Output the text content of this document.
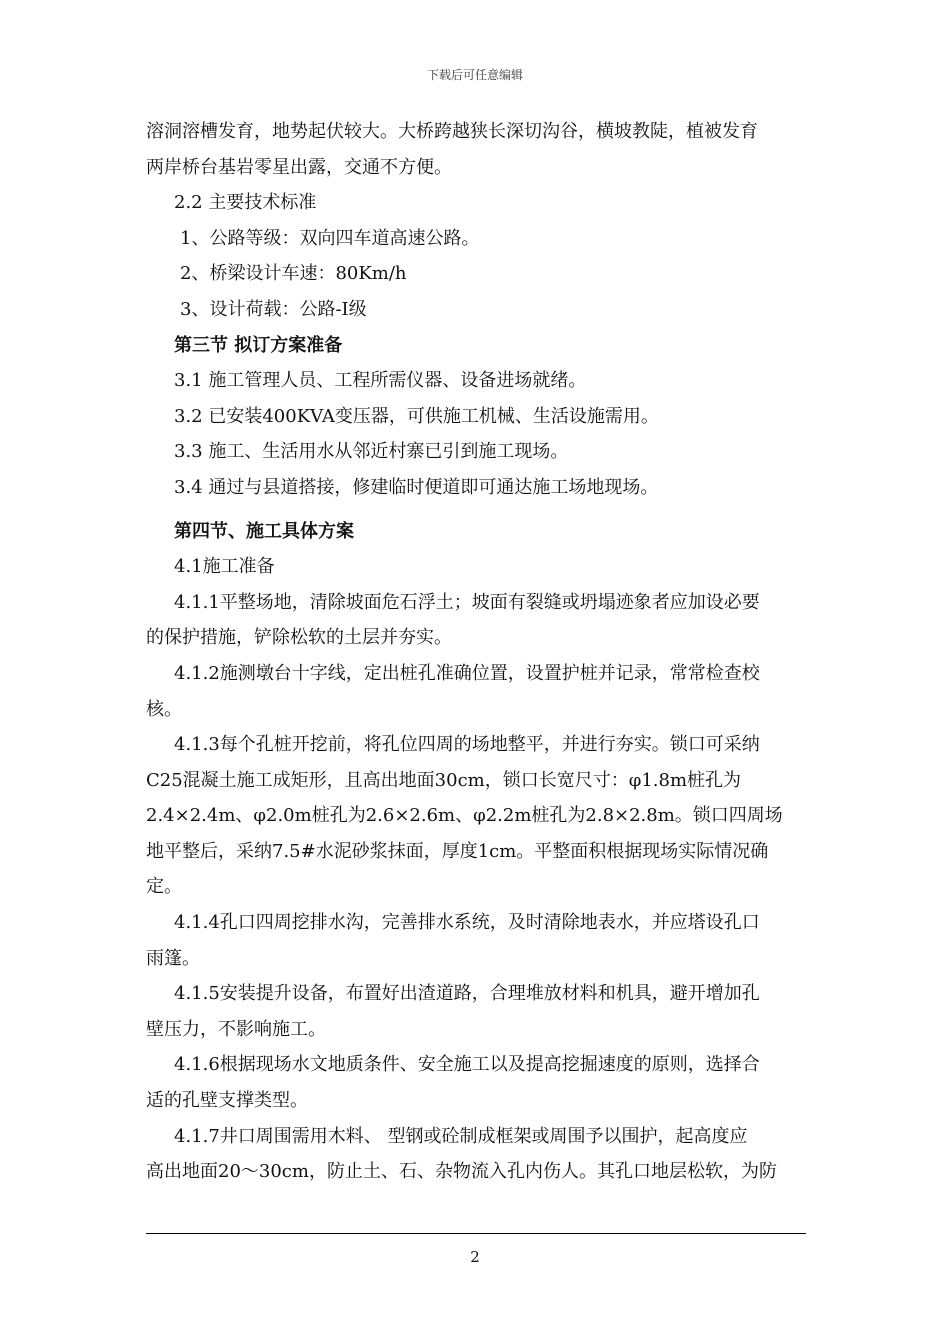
下载后可任意编辑
溶洞溶槽发育，地势起伏较大。大桥跨越狭长深切沟谷，横坡教陡，植被发育
两岸桥台基岩零星出露，交通不方便。
2.2 主要技术标准
1、公路等级：双向四车道高速公路。
2、桥梁设计车速：80Km/h
3、设计荷载：公路-I级
第三节 拟订方案准备
3.1 施工管理人员、工程所需仪器、设备进场就绪。
3.2 已安装400KVA变压器，可供施工机械、生活设施需用。
3.3 施工、生活用水从邻近村寨已引到施工现场。
3.4 通过与县道搭接，修建临时便道即可通达施工场地现场。
第四节、施工具体方案
4.1施工准备
4.1.1平整场地，清除坡面危石浮土；坡面有裂缝或坍塌迹象者应加设必要
的保护措施，铲除松软的土层并夯实。
4.1.2施测墩台十字线，定出桩孔准确位置，设置护桩并记录，常常检查校
核。
4.1.3每个孔桩开挖前，将孔位四周的场地整平，并进行夯实。锁口可采纳
C25混凝土施工成矩形，且高出地面30cm，锁口长宽尺寸：φ1.8m桩孔为
2.4×2.4m、φ2.0m桩孔为2.6×2.6m、φ2.2m桩孔为2.8×2.8m。锁口四周场
地平整后，采纳7.5#水泥砂浆抹面，厚度1cm。平整面积根据现场实际情况确
定。
4.1.4孔口四周挖排水沟，完善排水系统，及时清除地表水，并应塔设孔口
雨篷。
4.1.5安装提升设备，布置好出渣道路，合理堆放材料和机具，避开增加孔
壁压力，不影响施工。
4.1.6根据现场水文地质条件、安全施工以及提高挖掘速度的原则，选择合
适的孔壁支撑类型。
4.1.7井口周围需用木料、 型钢或砼制成框架或周围予以围护，起高度应
高出地面20～30cm，防止土、石、杂物流入孔内伤人。其孔口地层松软，为防
2
